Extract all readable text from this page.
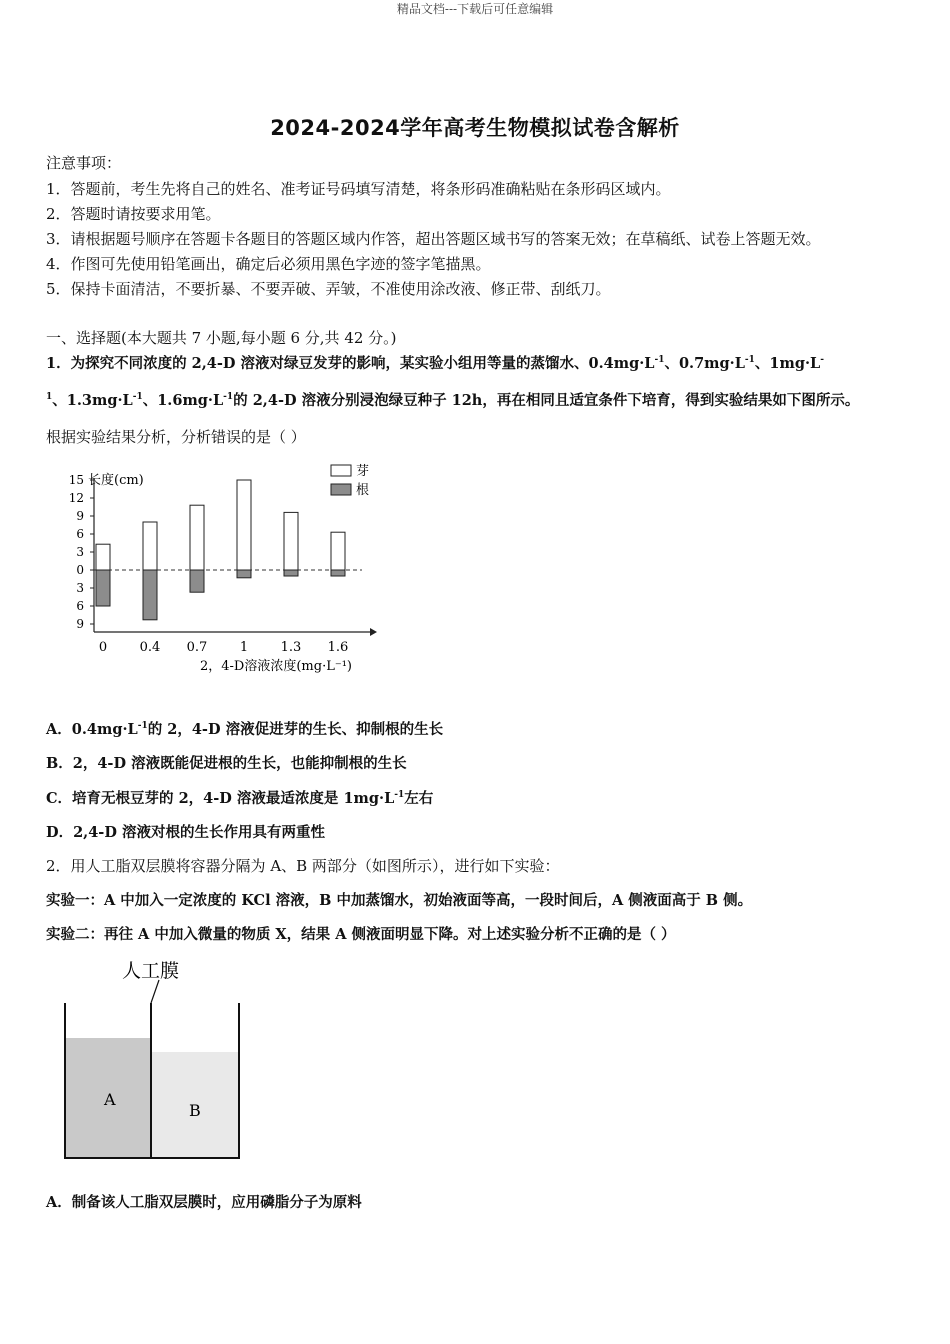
精品文档---下载后可任意编辑
2024-2024学年高考生物模拟试卷含解析
注意事项：
1．答题前，考生先将自己的姓名、准考证号码填写清楚，将条形码准确粘贴在条形码区域内。
2．答题时请按要求用笔。
3．请根据题号顺序在答题卡各题目的答题区域内作答，超出答题区域书写的答案无效；在草稿纸、试卷上答题无效。
4．作图可先使用铅笔画出，确定后必须用黑色字迹的签字笔描黑。
5．保持卡面清洁，不要折暴、不要弄破、弄皱，不准使用涂改液、修正带、刮纸刀。
一、选择题(本大题共 7 小题,每小题 6 分,共 42 分。)
1．为探究不同浓度的 2,4-D 溶液对绿豆发芽的影响，某实验小组用等量的蒸馏水、$0.4mg\cdot L^{-1}$、$0.7mg\cdot L^{-1}$、1mg·L-
$^1$、$1.3mg\cdot L^{-1}$、$1.6mg\cdot L^{-1}$的 2,4-D 溶液分别浸泡绿豆种子 12h，再在相同且适宜条件下培育，得到实验结果如下图所示。
根据实验结果分析，分析错误的是（ ）
长度(cm)
2，4-D溶液浓度(mg·L⁻¹)
芽
根
15
12
9
6
3
0
3
6
9
0	0.4 0.7	1	1.3 1.6
A．$0.4mg\cdot L^{-1}$的 2，4-D 溶液促进芽的生长、抑制根的生长
B．2，4-D 溶液既能促进根的生长，也能抑制根的生长
C．培育无根豆芽的 2，4-D 溶液最适浓度是 $1mg\cdot L^{-1}$左右
D．2,4-D 溶液对根的生长作用具有两重性
2．用人工脂双层膜将容器分隔为 A、B 两部分（如图所示），进行如下实验：
实验一：A 中加入一定浓度的 KCl 溶液，B 中加蒸馏水，初始液面等高，一段时间后，A 侧液面高于 B 侧。
实验二：再往 A 中加入微量的物质 X，结果 A 侧液面明显下降。对上述实验分析不正确的是（ ）
人工膜
A
B
A．制备该人工脂双层膜时，应用磷脂分子为原料
